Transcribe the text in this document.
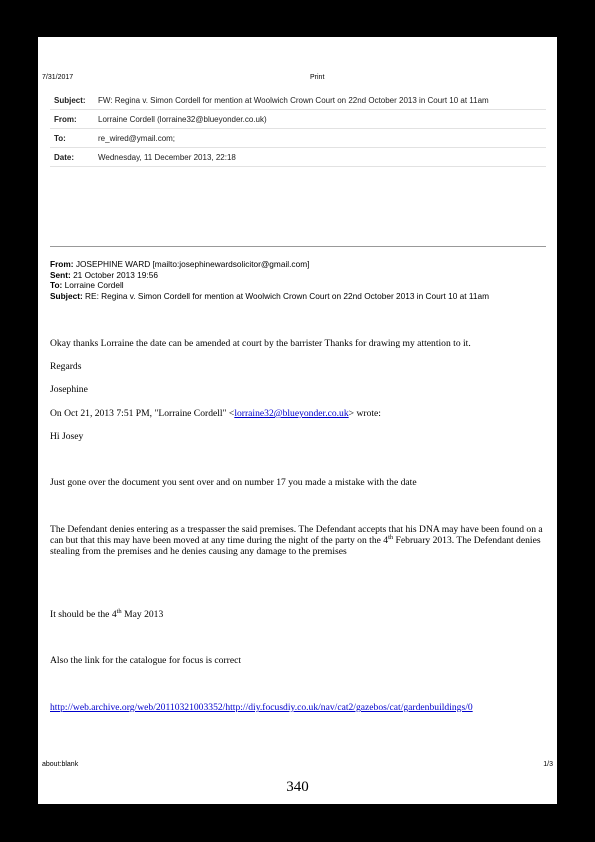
7/31/2017	Print
Subject:	FW: Regina v. Simon Cordell for mention at Woolwich Crown Court on 22nd October 2013 in Court 10 at 11am
From:	Lorraine Cordell (lorraine32@blueyonder.co.uk)
To:	re_wired@ymail.com;
Date:	Wednesday, 11 December 2013, 22:18
From: JOSEPHINE WARD [mailto:josephinewardsolicitor@gmail.com]
Sent: 21 October 2013 19:56
To: Lorraine Cordell
Subject: RE: Regina v. Simon Cordell for mention at Woolwich Crown Court on 22nd October 2013 in Court 10 at 11am

Okay thanks Lorraine the date can be amended at court by the barrister Thanks for drawing my attention to it.

Regards

Josephine

On Oct 21, 2013 7:51 PM, "Lorraine Cordell" <lorraine32@blueyonder.co.uk> wrote:

Hi Josey

Just gone over the document you sent over and on number 17 you made a mistake with the date

The Defendant denies entering as a trespasser the said premises. The Defendant accepts that his DNA may have been found on a can but that this may have been moved at any time during the night of the party on the 4th February 2013. The Defendant denies stealing from the premises and he denies causing any damage to the premises

It should be the 4th May 2013

Also the link for the catalogue for focus is correct

http://web.archive.org/web/20110321003352/http://diy.focusdiy.co.uk/nav/cat2/gazebos/cat/gardenbuildings/0

about:blank	1/3
340
